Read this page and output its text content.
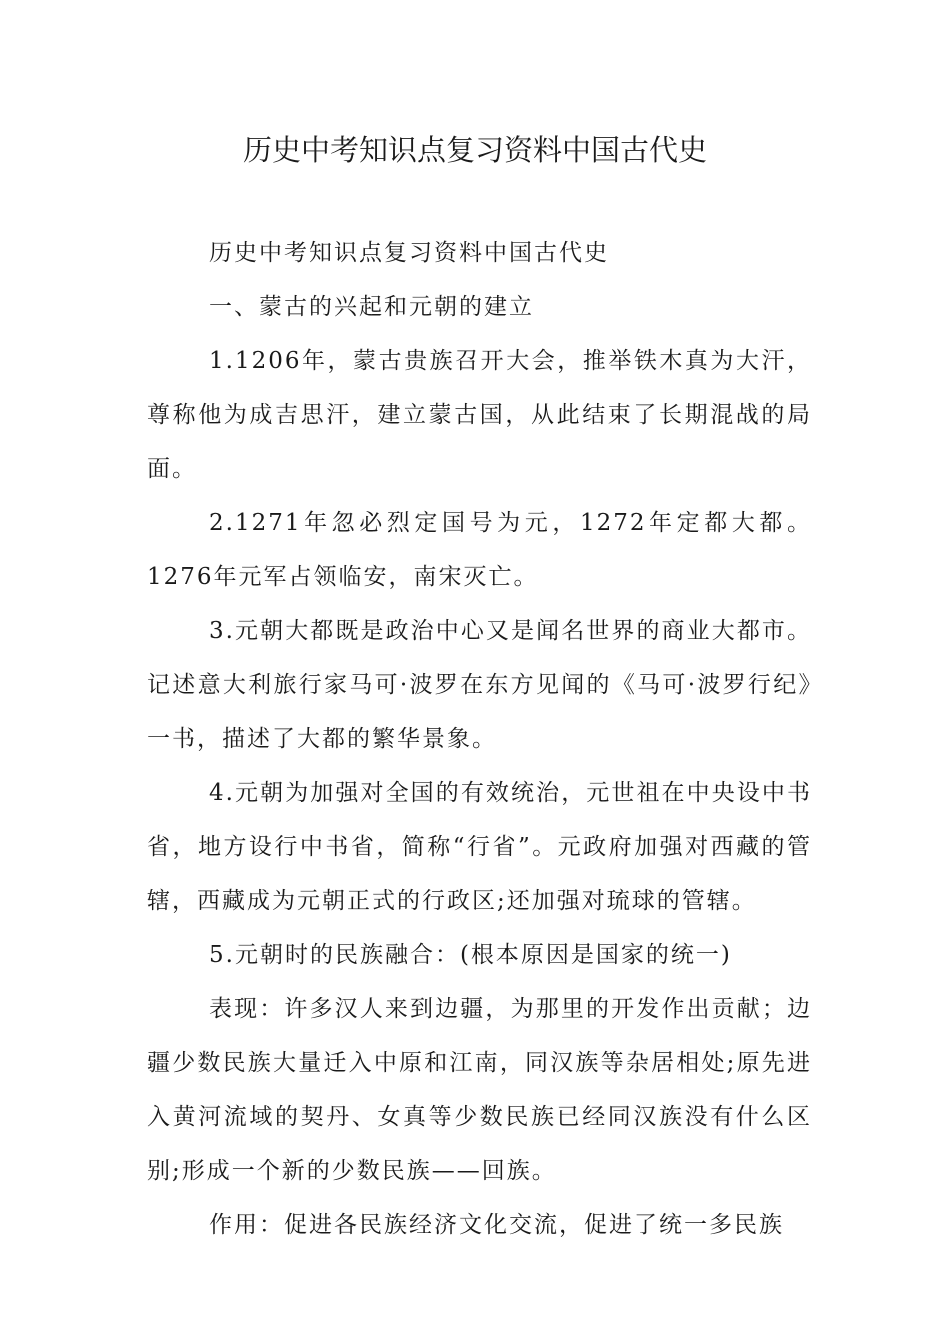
历史中考知识点复习资料中国古代史

历史中考知识点复习资料中国古代史

一、蒙古的兴起和元朝的建立

1.1206年，蒙古贵族召开大会，推举铁木真为大汗，尊称他为成吉思汗，建立蒙古国，从此结束了长期混战的局面。

2.1271年忽必烈定国号为元，1272年定都大都。1276年元军占领临安，南宋灭亡。

3.元朝大都既是政治中心又是闻名世界的商业大都市。记述意大利旅行家马可·波罗在东方见闻的《马可·波罗行纪》一书，描述了大都的繁华景象。

4.元朝为加强对全国的有效统治，元世祖在中央设中书省，地方设行中书省，简称“行省”。元政府加强对西藏的管辖，西藏成为元朝正式的行政区;还加强对琉球的管辖。

5.元朝时的民族融合：(根本原因是国家的统一)

表现：许多汉人来到边疆，为那里的开发作出贡献；边疆少数民族大量迁入中原和江南，同汉族等杂居相处;原先进入黄河流域的契丹、女真等少数民族已经同汉族没有什么区别;形成一个新的少数民族——回族。

作用：促进各民族经济文化交流，促进了统一多民族
